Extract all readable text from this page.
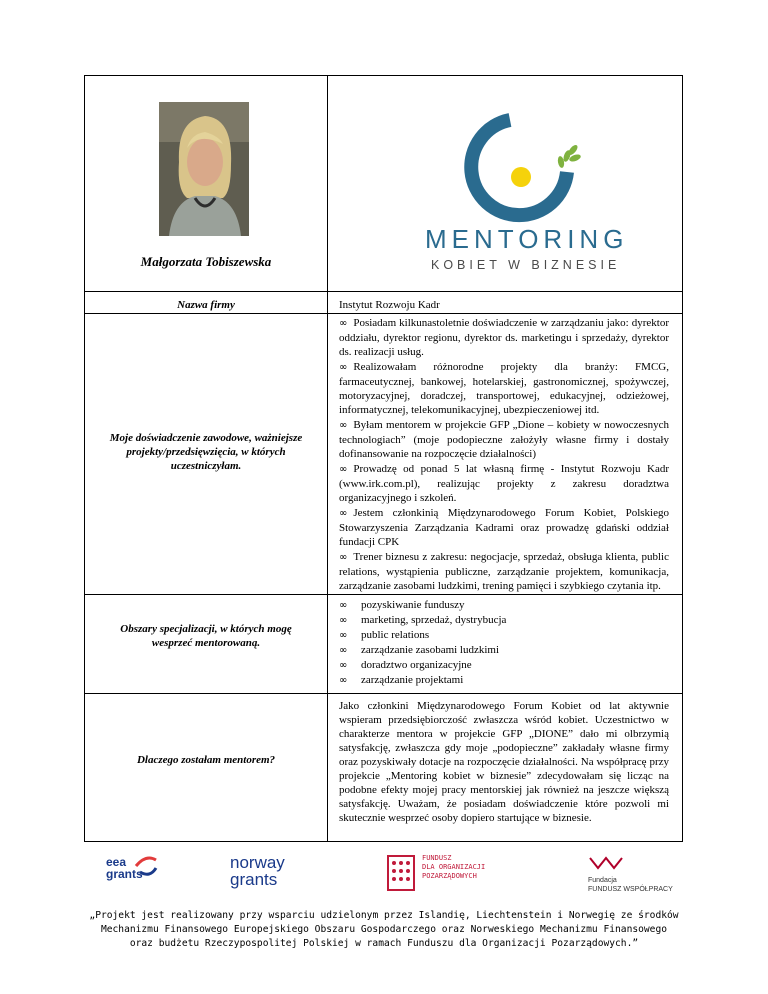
Małgorzata Tobiszewska
MENTORING
KOBIET W BIZNESIE
Nazwa firmy	Instytut Rozwoju Kadr
Moje doświadczenie zawodowe, ważniejsze projekty/przedsięwzięcia, w których uczestniczyłam.

∞ Posiadam kilkunastoletnie doświadczenie w zarządzaniu jako: dyrektor oddziału, dyrektor regionu, dyrektor ds. marketingu i sprzedaży, dyrektor ds. realizacji usług.

∞ Realizowałam różnorodne projekty dla branży: FMCG, farmaceutycznej, bankowej, hotelarskiej, gastronomicznej, spożywczej, motoryzacyjnej, doradczej, transportowej, edukacyjnej, odzieżowej, informatycznej, telekomunikacyjnej, ubezpieczeniowej itd.

∞ Byłam mentorem w projekcie GFP „Dione – kobiety w nowoczesnych technologiach” (moje podopieczne założyły własne firmy i dostały dofinansowanie na rozpoczęcie działalności)

∞ Prowadzę od ponad 5 lat własną firmę - Instytut Rozwoju Kadr (www.irk.com.pl), realizując projekty z zakresu doradztwa organizacyjnego i szkoleń.

∞ Jestem członkinią Międzynarodowego Forum Kobiet, Polskiego Stowarzyszenia Zarządzania Kadrami oraz prowadzę gdański oddział fundacji CPK

∞ Trener biznesu z zakresu: negocjacje, sprzedaż, obsługa klienta, public relations, wystąpienia publiczne, zarządzanie projektem, komunikacja, zarządzanie zasobami ludzkimi, trening pamięci i szybkiego czytania itp.

Obszary specjalizacji, w których mogę wesprzeć mentorowaną.
∞ pozyskiwanie funduszy
∞ marketing, sprzedaż, dystrybucja
∞ public relations
∞ zarządzanie zasobami ludzkimi
∞ doradztwo organizacyjne
∞ zarządzanie projektami
Dlaczego zostałam mentorem?
Jako członkini Międzynarodowego Forum Kobiet od lat aktywnie wspieram przedsiębiorczość zwłaszcza wśród kobiet. Uczestnictwo w charakterze mentora w projekcie GFP „DIONE” dało mi olbrzymią satysfakcję, zwłaszcza gdy moje „podopieczne” zakładały własne firmy oraz pozyskiwały dotacje na rozpoczęcie działalności. Na współpracę przy projekcie „Mentoring kobiet w biznesie” zdecydowałam się licząc na podobne efekty mojej pracy mentorskiej jak również na jeszcze większą satysfakcję. Uważam, że posiadam doświadczenie które pozwoli mi skutecznie wesprzeć osoby dopiero startujące w biznesie.
eea
grants
norway
grants
FUNDUSZ
DLA ORGANIZACJI
POZARZĄDOWYCH
Fundacja
FUNDUSZ WSPÓŁPRACY
„Projekt jest realizowany przy wsparciu udzielonym przez Islandię, Liechtenstein i Norwegię ze środków
Mechanizmu Finansowego Europejskiego Obszaru Gospodarczego oraz Norweskiego Mechanizmu Finansowego
oraz budżetu Rzeczypospolitej Polskiej w ramach Funduszu dla Organizacji Pozarządowych.”
